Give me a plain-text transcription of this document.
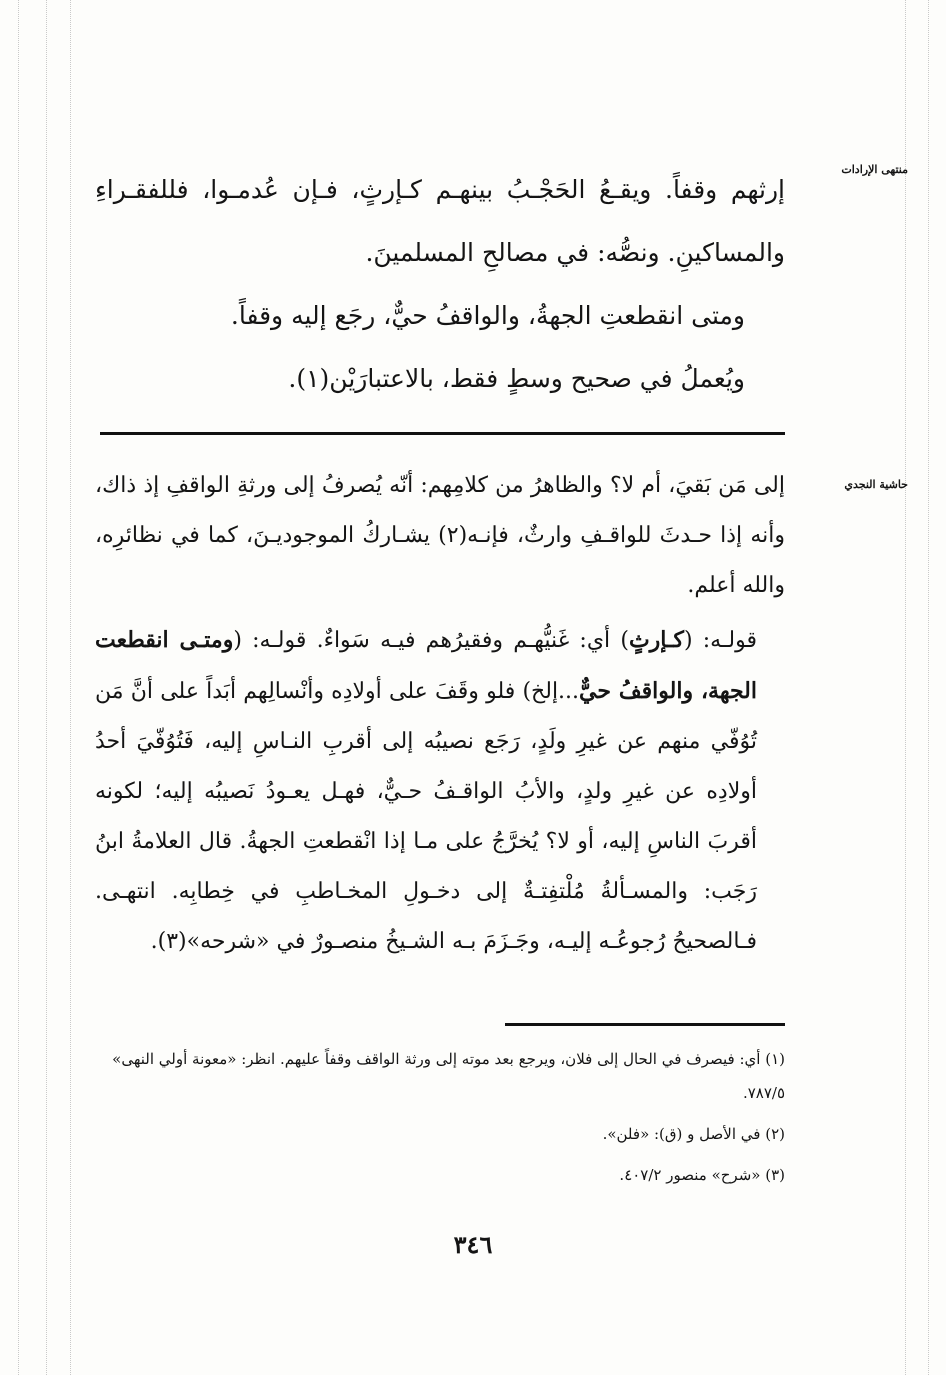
منتهى الإرادات
حاشية النجدي

إرثهم وقفاً. ويقـعُ الحَجْـبُ بينهـم كـإرثٍ، فـإن عُدمـوا، فللفقـراءِ والمساكينِ. ونصُّه: في مصالحِ المسلمينَ.

ومتى انقطعتِ الجهةُ، والواقفُ حيٌّ، رجَع إليه وقفاً.

ويُعملُ في صحيح وسطٍ فقط، بالاعتبارَيْن(١).

إلى مَن بَقيَ، أم لا؟ والظاهرُ من كلامِهم: أنّه يُصرفُ إلى ورثةِ الواقفِ إذ ذاك، وأنه إذا حـدثَ للواقـفِ وارثٌ، فإنـه(٢) يشـاركُ الموجوديـنَ، كما في نظائرِه، والله أعلم.

قولـه: (كـإرثٍ) أي: غَنيُّهـم وفقيرُهم فيـه سَواءٌ. قولـه: (ومتـى انقطعت الجهة، والواقفُ حيٌّ...إلخ) فلو وقَفَ على أولادِه وأنْسالِهم أبَداً على أنَّ مَن تُوُفّي منهم عن غيرِ ولَدٍ، رَجَع نصيبُه إلى أقربِ النـاسِ إليه، فَتُوُفّيَ أحدُ أولادِه عن غيرِ ولدٍ، والأبُ الواقـفُ حـيٌّ، فهـل يعـودُ نَصيبُه إليه؛ لكونه أقربَ الناسِ إليه، أو لا؟ يُخرَّجُ على مـا إذا انْقطعتِ الجهةُ. قال العلامةُ ابنُ رَجَب: والمسـألةُ مُلْتفِتـةٌ إلى دخـولِ المخـاطبِ في خِطابِه. انتهـى. فـالصحيحُ رُجوعُـه إليـه، وجَـزَمَ بـه الشـيخُ منصـورٌ في «شرحه»(٣).

(١) أي: فيصرف في الحال إلى فلان، ويرجع بعد موته إلى ورثة الواقف وقفاً عليهم. انظر: «معونة أولي النهى» ٧٨٧/٥.
(٢) في الأصل و (ق): «فلن».
(٣) «شرح» منصور ٤٠٧/٢.
٣٤٦
